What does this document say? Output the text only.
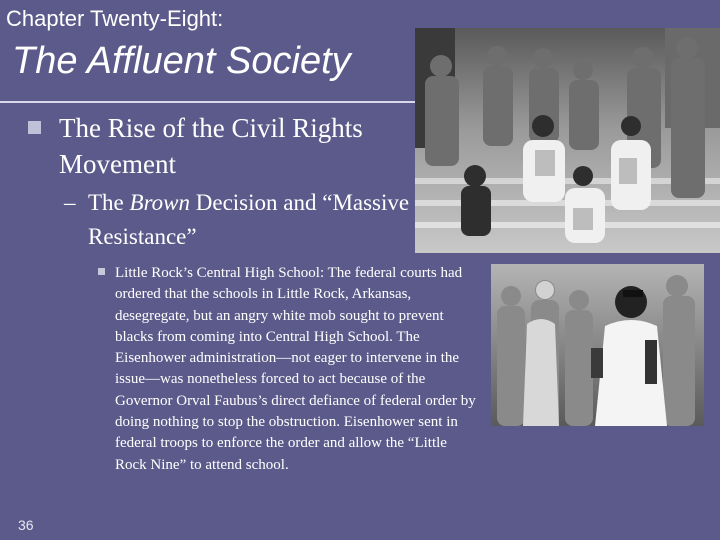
Chapter Twenty-Eight:
The Affluent Society
The Rise of the Civil Rights Movement
– The Brown Decision and “Massive Resistance”
Little Rock’s Central High School: The federal courts had ordered that the schools in Little Rock, Arkansas, desegregate, but an angry white mob sought to prevent blacks from coming into Central High School. The Eisenhower administration—not eager to intervene in the issue—was nonetheless forced to act because of the Governor Orval Faubus’s direct defiance of federal order by doing nothing to stop the obstruction. Eisenhower sent in federal troops to enforce the order and allow the “Little Rock Nine” to attend school.
36
